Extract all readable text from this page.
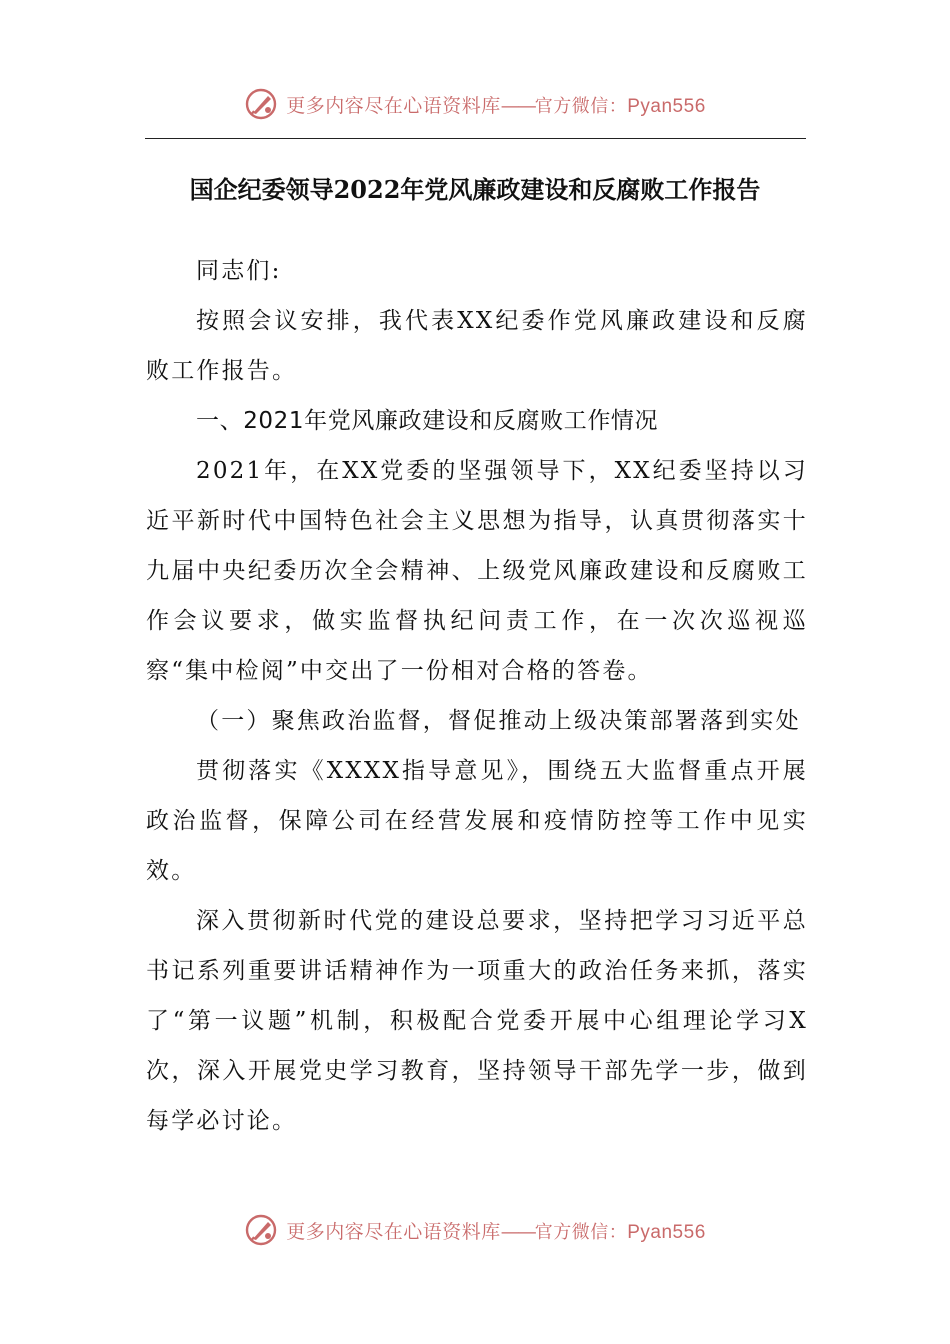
更多内容尽在心语资料库——官方微信：Pyan556
国企纪委领导2022年党风廉政建设和反腐败工作报告

同志们:

按照会议安排，我代表XX纪委作党风廉政建设和反腐败工作报告。

一、2021年党风廉政建设和反腐败工作情况

2021年，在XX党委的坚强领导下，XX纪委坚持以习近平新时代中国特色社会主义思想为指导，认真贯彻落实十九届中央纪委历次全会精神、上级党风廉政建设和反腐败工作会议要求，做实监督执纪问责工作，在一次次巡视巡察“集中检阅”中交出了一份相对合格的答卷。

（一）聚焦政治监督，督促推动上级决策部署落到实处

贯彻落实《XXXX指导意见》，围绕五大监督重点开展政治监督，保障公司在经营发展和疫情防控等工作中见实效。

深入贯彻新时代党的建设总要求，坚持把学习习近平总书记系列重要讲话精神作为一项重大的政治任务来抓，落实了“第一议题”机制，积极配合党委开展中心组理论学习X次，深入开展党史学习教育，坚持领导干部先学一步，做到每学必讨论。

更多内容尽在心语资料库——官方微信：Pyan556
